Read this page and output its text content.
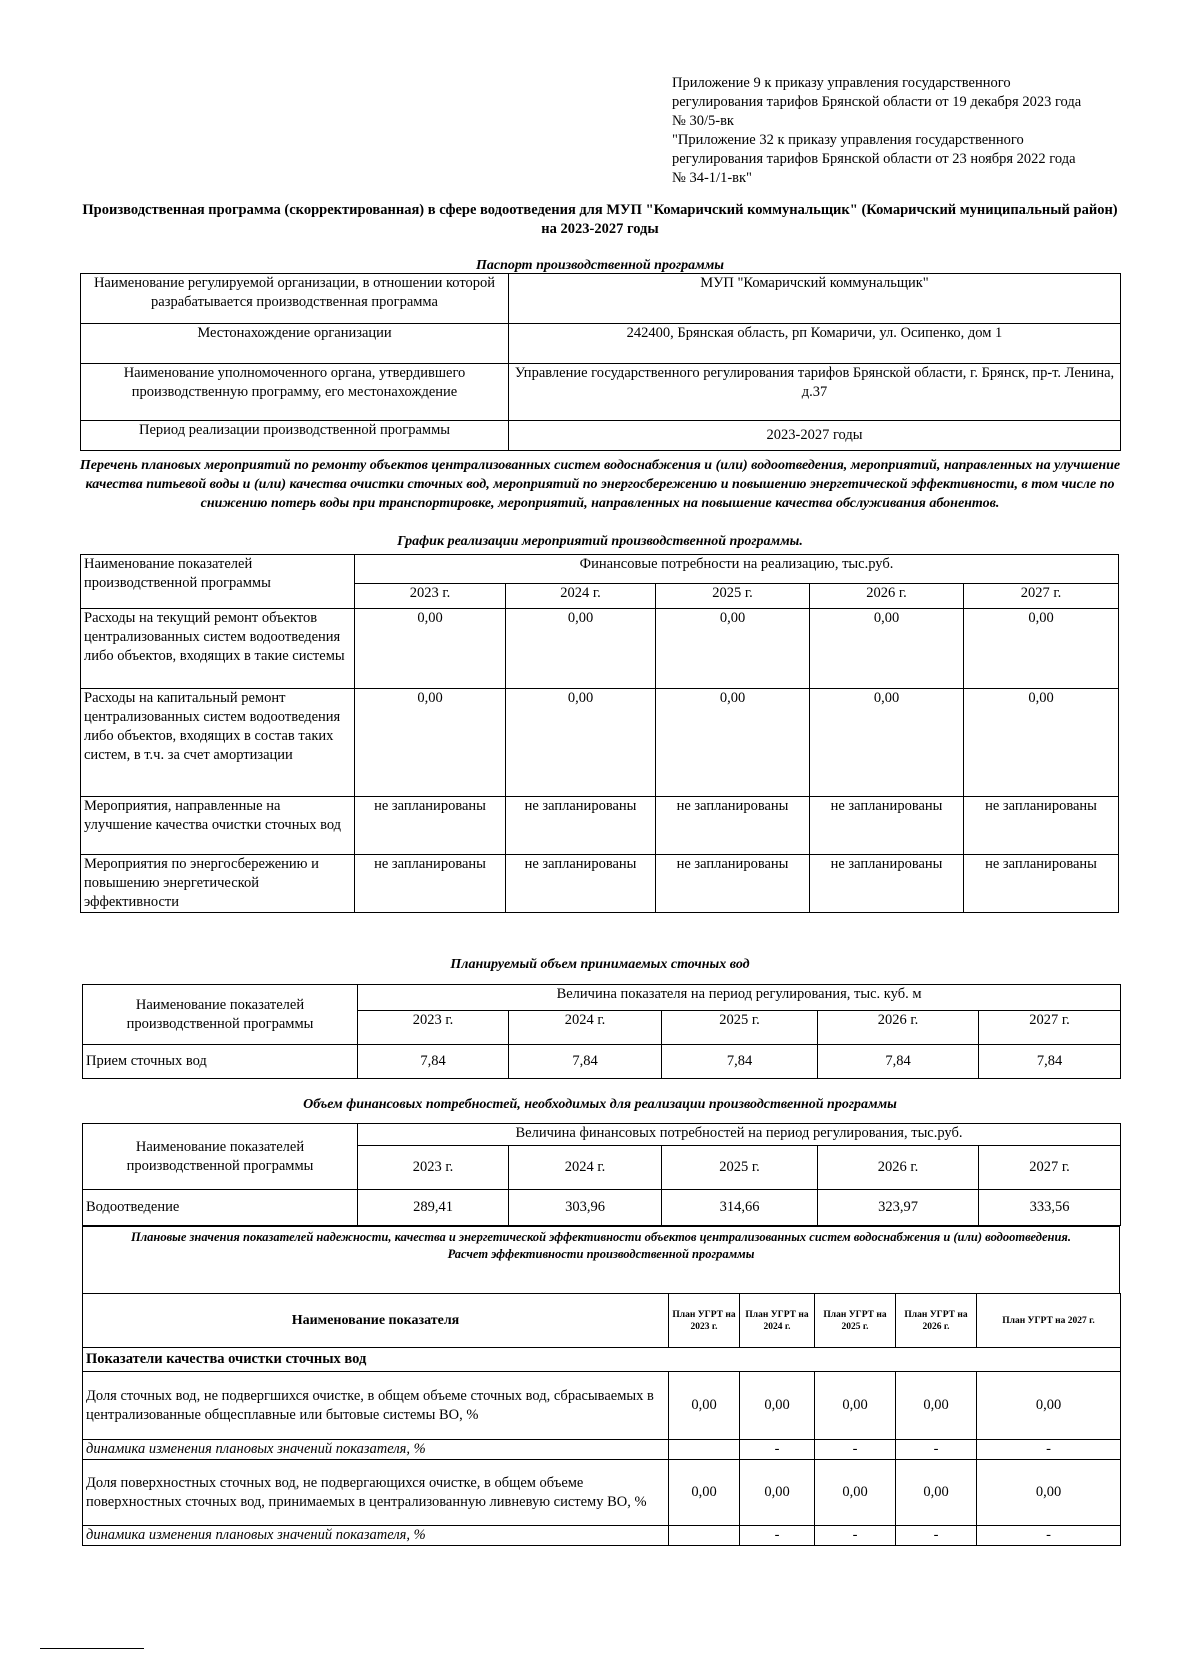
Приложение 9 к приказу управления государственного регулирования тарифов Брянской области от 19 декабря 2023 года № 30/5-вк

"Приложение 32 к приказу управления государственного регулирования тарифов Брянской области от 23 ноября 2022 года № 34-1/1-вк"

Производственная программа (скорректированная) в сфере водоотведения для МУП "Комаричский коммунальщик" (Комаричский муниципальный район) на 2023-2027 годы
Паспорт производственной программы
Наименование регулируемой организации, в отношении которой разрабатывается производственная программа	МУП "Комаричский коммунальщик"
Местонахождение организации	242400, Брянская область, рп Комаричи, ул. Осипенко, дом 1
Наименование уполномоченного органа, утвердившего производственную программу, его местонахождение	Управление государственного регулирования тарифов Брянской области, г. Брянск, пр-т. Ленина, д.37
Период реализации производственной программы	2023-2027 годы
Перечень плановых мероприятий по ремонту объектов централизованных систем водоснабжения и (или) водоотведения, мероприятий, направленных на улучшение качества питьевой воды и (или) качества очистки сточных вод, мероприятий по энергосбережению и повышению энергетической эффективности, в том числе по снижению потерь воды при транспортировке, мероприятий, направленных на повышение качества обслуживания абонентов.
График реализации мероприятий производственной программы.
Наименование показателей производственной программы	Финансовые потребности на реализацию, тыс.руб.				
	2023 г.	2024 г.	2025 г.	2026 г.	2027 г.
Расходы на текущий ремонт объектов централизованных систем водоотведения либо объектов, входящих в такие системы	0,00	0,00	0,00	0,00	0,00
Расходы на капитальный ремонт централизованных систем водоотведения либо объектов, входящих в состав таких систем, в т.ч. за счет амортизации	0,00	0,00	0,00	0,00	0,00
Мероприятия, направленные на улучшение качества очистки сточных вод	не запланированы	не запланированы	не запланированы	не запланированы	не запланированы
Мероприятия по энергосбережению и повышению энергетической эффективности	не запланированы	не запланированы	не запланированы	не запланированы	не запланированы
Планируемый объем принимаемых сточных вод
Наименование показателей производственной программы	Величина показателя на период регулирования, тыс. куб. м				
	2023 г.	2024 г.	2025 г.	2026 г.	2027 г.
Прием сточных вод	7,84	7,84	7,84	7,84	7,84
Объем финансовых потребностей, необходимых для реализации производственной программы
Наименование показателей производственной программы	Величина финансовых потребностей на период регулирования, тыс.руб.				
	2023 г.	2024 г.	2025 г.	2026 г.	2027 г.
Водоотведение	289,41	303,96	314,66	323,97	333,56
Плановые значения показателей надежности, качества и энергетической эффективности объектов централизованных систем водоснабжения и (или) водоотведения.
Расчет эффективности производственной программы
Наименование показателя	План УГРТ на 2023 г.	План УГРТ на 2024 г.	План УГРТ на 2025 г.	План УГРТ на 2026 г.	План УГРТ на 2027 г.
Показатели качества очистки сточных вод					
Доля сточных вод, не подвергшихся очистке, в общем объеме сточных вод, сбрасываемых в централизованные общесплавные или бытовые системы ВО, %	0,00	0,00	0,00	0,00	0,00
динамика изменения плановых значений показателя, %		-	-	-	-
Доля поверхностных сточных вод, не подвергающихся очистке, в общем объеме поверхностных сточных вод, принимаемых в централизованную ливневую систему ВО, %	0,00	0,00	0,00	0,00	0,00
динамика изменения плановых значений показателя, %		-	-	-	-
